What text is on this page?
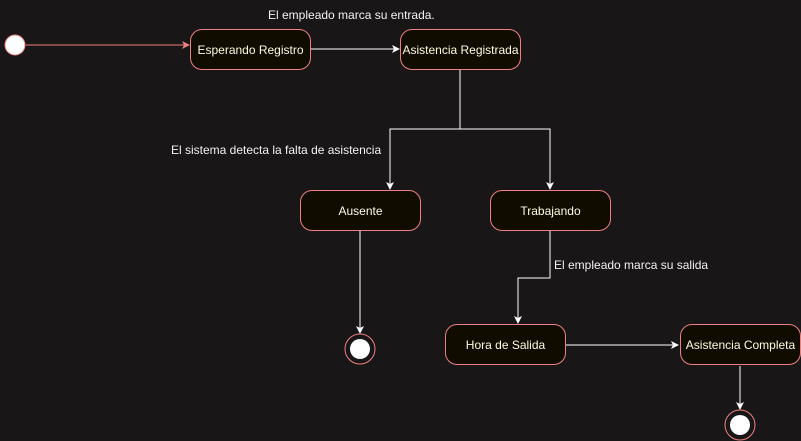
Esperando Registro	Asistencia Registrada
Ausente	Trabajando
Hora de Salida	Asistencia Completa
El empleado marca su entrada.
El sistema detecta la falta de asistencia
El empleado marca su salida
